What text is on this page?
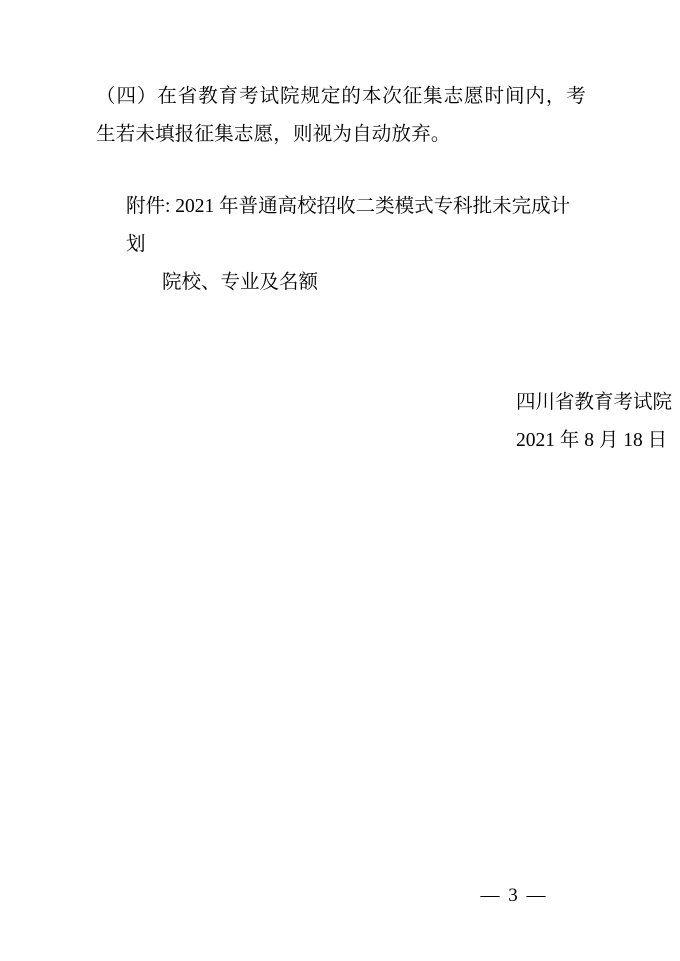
（四）在省教育考试院规定的本次征集志愿时间内，考生若未填报征集志愿，则视为自动放弃。

附件: 2021 年普通高校招收二类模式专科批未完成计划

院校、专业及名额

四川省教育考试院

2021 年 8 月 18 日

— 3 —
